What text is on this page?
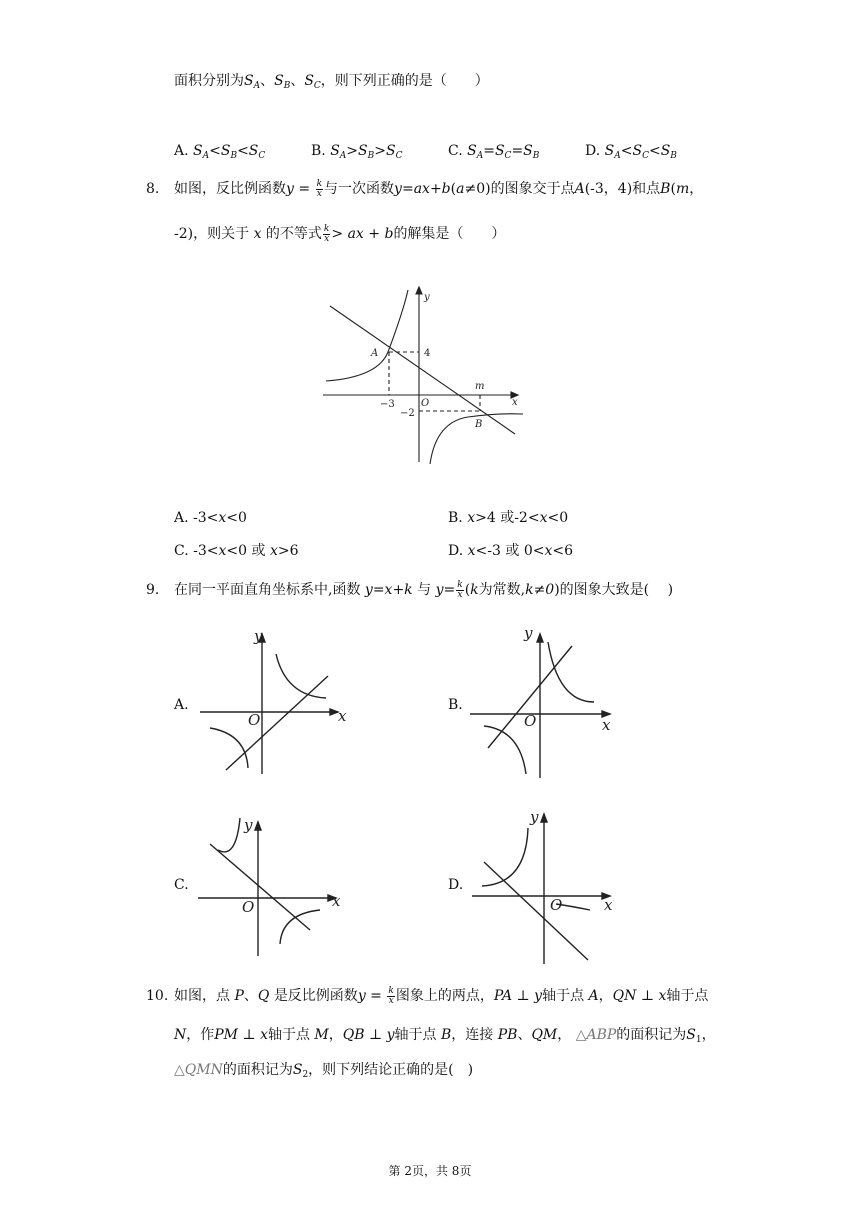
面积分别为$S_A$、$S_B$、$S_C$，则下列正确的是（　　）
A. $S_A<S_B<S_C$	B. $S_A>S_B>S_C$	C. $S_A=S_C=S_B$	D. $S_A<S_C<S_B$
8. 如图，反比例函数$y = \frac{k}{x}$ 与一次函数y=ax+b(a≠0)的图象交于点A(-3，4)和点B(m，
-2)，则关于 x 的不等式 $\frac{k}{x}$ > ax + b的解集是（　　）
y
x
A
B
m
O
4
−3
−2
A. -3<x<0	B. x>4 或-2<x<0
C. -3<x<0 或 x>6	D. x<-3 或 0<x<6
9. 在同一平面直角坐标系中,函数 y=x+k 与 $y= \frac{k}{x} (k$为常数,k≠0)的图象大致是(　 )
A.
y
x
O
B.
y
x
O
C.
y
x
O
D.
y
x
O
10. 如图，点 P、Q 是反比例函数$y = \frac{k}{x}$ 图象上的两点，PA ⊥ y轴于点 A，QN ⊥ x轴于点
N，作PM ⊥ x轴于点 M，QB ⊥ y轴于点 B，连接 PB、QM， △ABP的面积记为$S_1$，
△QMN的面积记为$S_2$，则下列结论正确的是(　)
第 2页，共 8页
